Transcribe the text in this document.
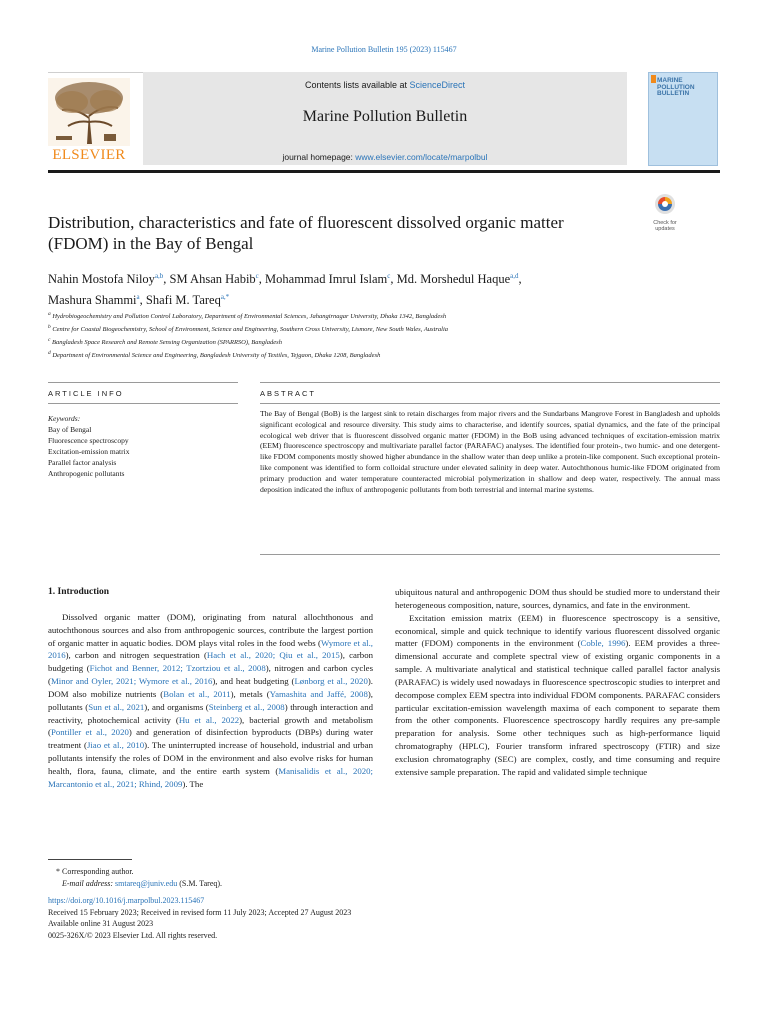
Marine Pollution Bulletin 195 (2023) 115467
ELSEVIER
Contents lists available at ScienceDirect
Marine Pollution Bulletin
journal homepage: www.elsevier.com/locate/marpolbul
MARINE POLLUTION BULLETIN
Distribution, characteristics and fate of fluorescent dissolved organic matter (FDOM) in the Bay of Bengal
Check for
updates
Nahin Mostofa Niloy$^{a,b}$, SM Ahsan Habib$^c$, Mohammad Imrul Islam$^c$, Md. Morshedul Haque$^{a,d}$,
Mashura Shammi$^a$, Shafi M. Tareq$^{a,*}$
$^a$ Hydrobiogeochemistry and Pollution Control Laboratory, Department of Environmental Sciences, Jahangirnagar University, Dhaka 1342, Bangladesh
$^b$ Centre for Coastal Biogeochemistry, School of Environment, Science and Engineering, Southern Cross University, Lismore, New South Wales, Australia
$^c$ Bangladesh Space Research and Remote Sensing Organization (SPARRSO), Bangladesh
$^d$ Department of Environmental Science and Engineering, Bangladesh University of Textiles, Tejgaon, Dhaka 1208, Bangladesh
ARTICLE INFO	ABSTRACT
Keywords:
Bay of Bengal
Fluorescence spectroscopy
Excitation-emission matrix
Parallel factor analysis
Anthropogenic pollutants
The Bay of Bengal (BoB) is the largest sink to retain discharges from major rivers and the Sundarbans Mangrove Forest in Bangladesh and upholds significant ecological and resource diversity. This study aims to characterise, and identify sources, spatial dynamics, and the fate of the principal ecological web driver that is fluorescent dissolved organic matter (FDOM) in the BoB using advanced techniques of excitation-emission matrix (EEM) fluorescence spectroscopy and multivariate parallel factor (PARAFAC) analyses. The identified four protein-, two humic- and one detergent-like FDOM components mostly showed higher abundance in the shallow water than deep unlike a protein-like component. Such exceptional protein-like component was identified to form colloidal structure under elevated salinity in deep water. Autochthonous humic-like FDOM originated from primary production and water temperature counteracted microbial polymerization in shallow and deep water, respectively. The annual mass deposition indicated the influx of anthropogenic pollutants from both terrestrial and internal marine systems.
1. Introduction

Dissolved organic matter (DOM), originating from natural allochthonous and autochthonous sources and also from anthropogenic sources, contribute the largest portion of organic matter in aquatic bodies. DOM plays vital roles in the food webs (Wymore et al., 2016), carbon and nitrogen sequestration (Hach et al., 2020; Qiu et al., 2015), carbon budgeting (Fichot and Benner, 2012; Tzortziou et al., 2008), nitrogen and carbon cycles (Minor and Oyler, 2021; Wymore et al., 2016), and heat budgeting (Lønborg et al., 2020). DOM also mobilize nutrients (Bolan et al., 2011), metals (Yamashita and Jaffé, 2008), pollutants (Sun et al., 2021), and organisms (Steinberg et al., 2008) through interaction and reactivity, photochemical activity (Hu et al., 2022), bacterial growth and metabolism (Pontiller et al., 2020) and generation of disinfection byproducts (DBPs) during water treatment (Jiao et al., 2010). The uninterrupted increase of household, industrial and urban pollutants intensify the roles of DOM in the environment and also evolve risks for human health, flora, fauna, climate, and the entire earth system (Manisalidis et al., 2020; Marcantonio et al., 2021; Rhind, 2009). The

ubiquitous natural and anthropogenic DOM thus should be studied more to understand their heterogeneous composition, nature, sources, dynamics, and fate in the environment.

Excitation emission matrix (EEM) in fluorescence spectroscopy is a sensitive, economical, simple and quick technique to identify various fluorescent dissolved organic matter (FDOM) components in the environment (Coble, 1996). EEM provides a three-dimensional accurate and complete spectral view of existing organic components in a sample. A multivariate analytical and statistical technique called parallel factor analysis (PARAFAC) is widely used nowadays in fluorescence spectroscopic studies to interpret and decompose complex EEM spectra into individual FDOM components. PARAFAC considers particular excitation-emission wavelength maxima of each component to separate them from the other components. Fluorescence spectroscopy hardly requires any pre-sample preparation for analysis. Some other techniques such as high-performance liquid chromatography (HPLC), Fourier transform infrared spectroscopy (FTIR) and size exclusion chromatography (SEC) are complex, costly, and time consuming and require extensive sample preparation. The rapid and validated simple technique

* Corresponding author.
E-mail address: smtareq@juniv.edu (S.M. Tareq).
https://doi.org/10.1016/j.marpolbul.2023.115467
Received 15 February 2023; Received in revised form 11 July 2023; Accepted 27 August 2023
Available online 31 August 2023
0025-326X/© 2023 Elsevier Ltd. All rights reserved.
